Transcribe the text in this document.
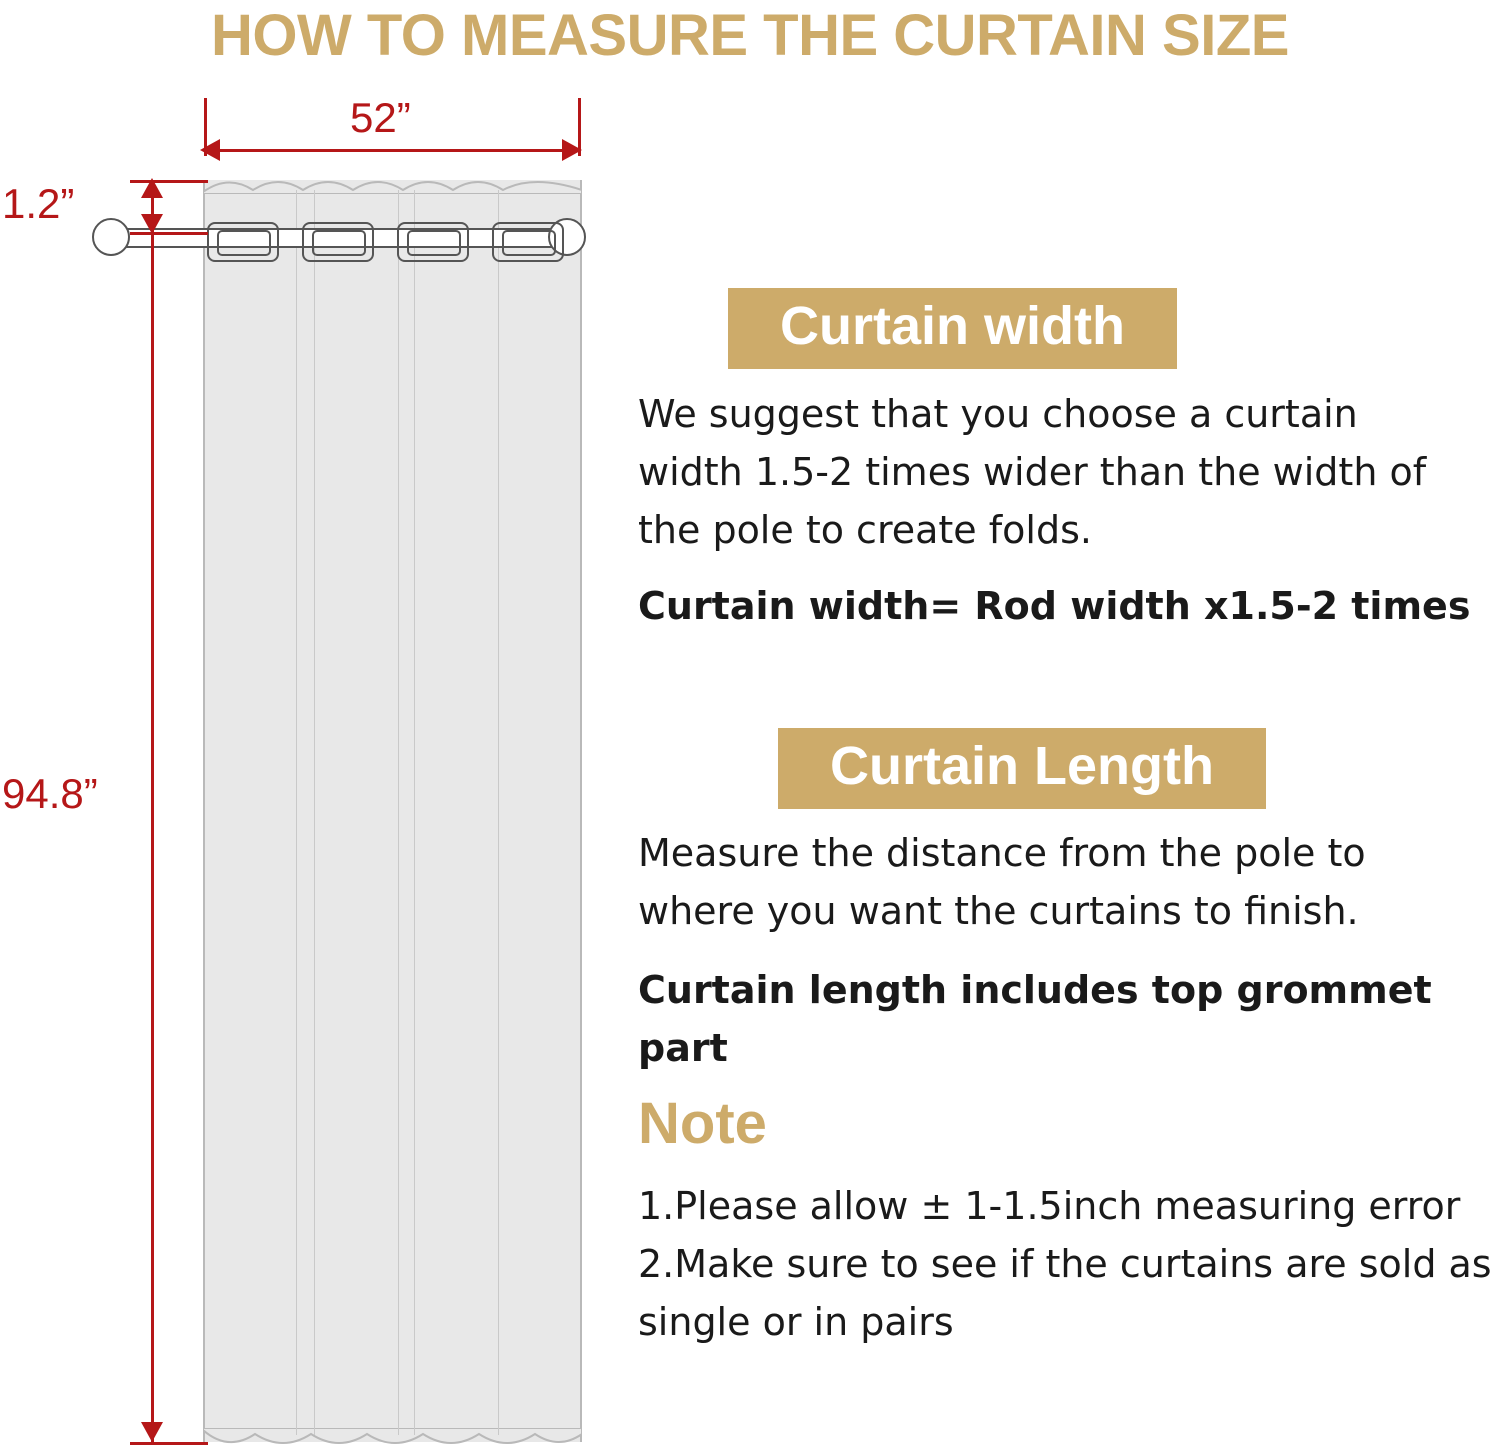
HOW TO MEASURE THE CURTAIN SIZE
52”
1.2”
94.8”
Curtain width
We suggest that you choose a curtain width 1.5-2 times wider than the width of the pole to create folds.
Curtain width= Rod width x1.5-2 times
Curtain Length
Measure the distance from the pole to where you want the curtains to finish.
Curtain length includes top grommet part
Note
1.Please allow ± 1-1.5inch measuring error
2.Make sure to see if the curtains are sold as single or in pairs
